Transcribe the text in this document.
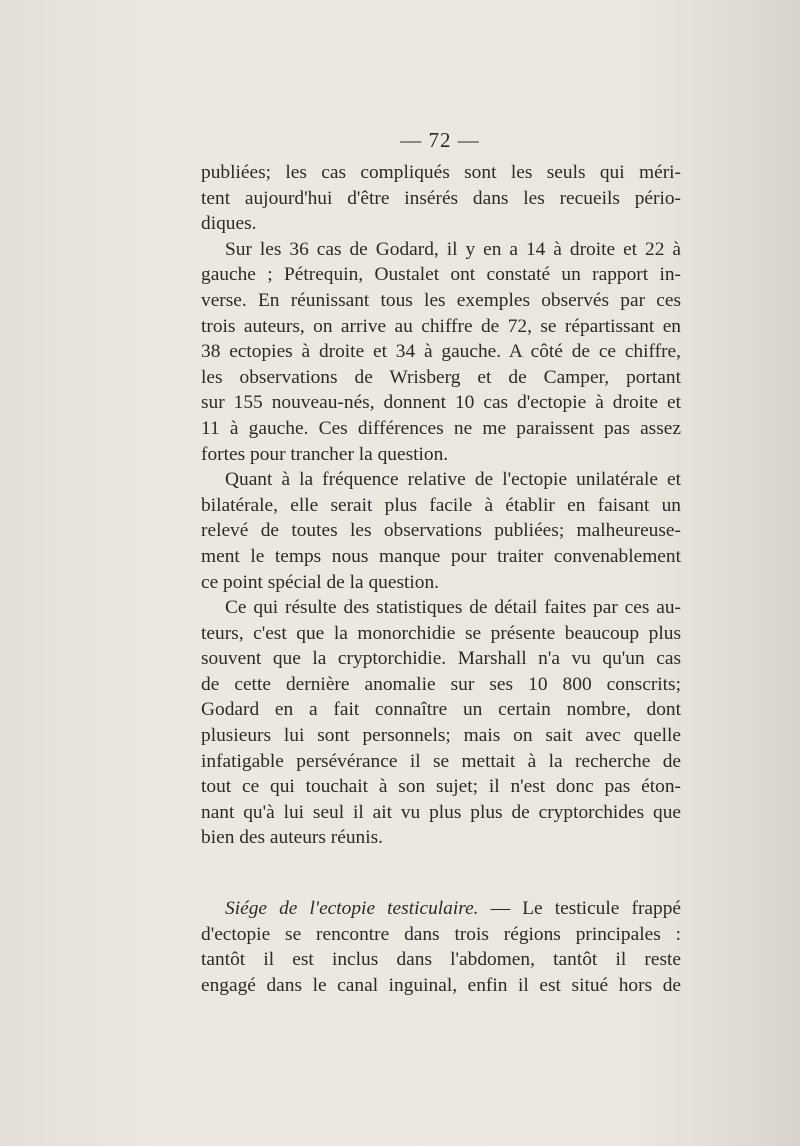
— 72 —

publiées; les cas compliqués sont les seuls qui méri-

tent aujourd'hui d'être insérés dans les recueils pério-

diques.

Sur les 36 cas de Godard, il y en a 14 à droite et 22 à

gauche ; Pétrequin, Oustalet ont constaté un rapport in-

verse. En réunissant tous les exemples observés par ces

trois auteurs, on arrive au chiffre de 72, se répartissant en

38 ectopies à droite et 34 à gauche. A côté de ce chiffre,

les observations de Wrisberg et de Camper, portant

sur 155 nouveau-nés, donnent 10 cas d'ectopie à droite et

11 à gauche. Ces différences ne me paraissent pas assez

fortes pour trancher la question.

Quant à la fréquence relative de l'ectopie unilatérale et

bilatérale, elle serait plus facile à établir en faisant un

relevé de toutes les observations publiées; malheureuse-

ment le temps nous manque pour traiter convenablement

ce point spécial de la question.

Ce qui résulte des statistiques de détail faites par ces au-

teurs, c'est que la monorchidie se présente beaucoup plus

souvent que la cryptorchidie. Marshall n'a vu qu'un cas

de cette dernière anomalie sur ses 10 800 conscrits;

Godard en a fait connaître un certain nombre, dont

plusieurs lui sont personnels; mais on sait avec quelle

infatigable persévérance il se mettait à la recherche de

tout ce qui touchait à son sujet; il n'est donc pas éton-

nant qu'à lui seul il ait vu plus plus de cryptorchides que

bien des auteurs réunis.

Siége de l'ectopie testiculaire. — Le testicule frappé

d'ectopie se rencontre dans trois régions principales :

tantôt il est inclus dans l'abdomen, tantôt il reste

engagé dans le canal inguinal, enfin il est situé hors de
